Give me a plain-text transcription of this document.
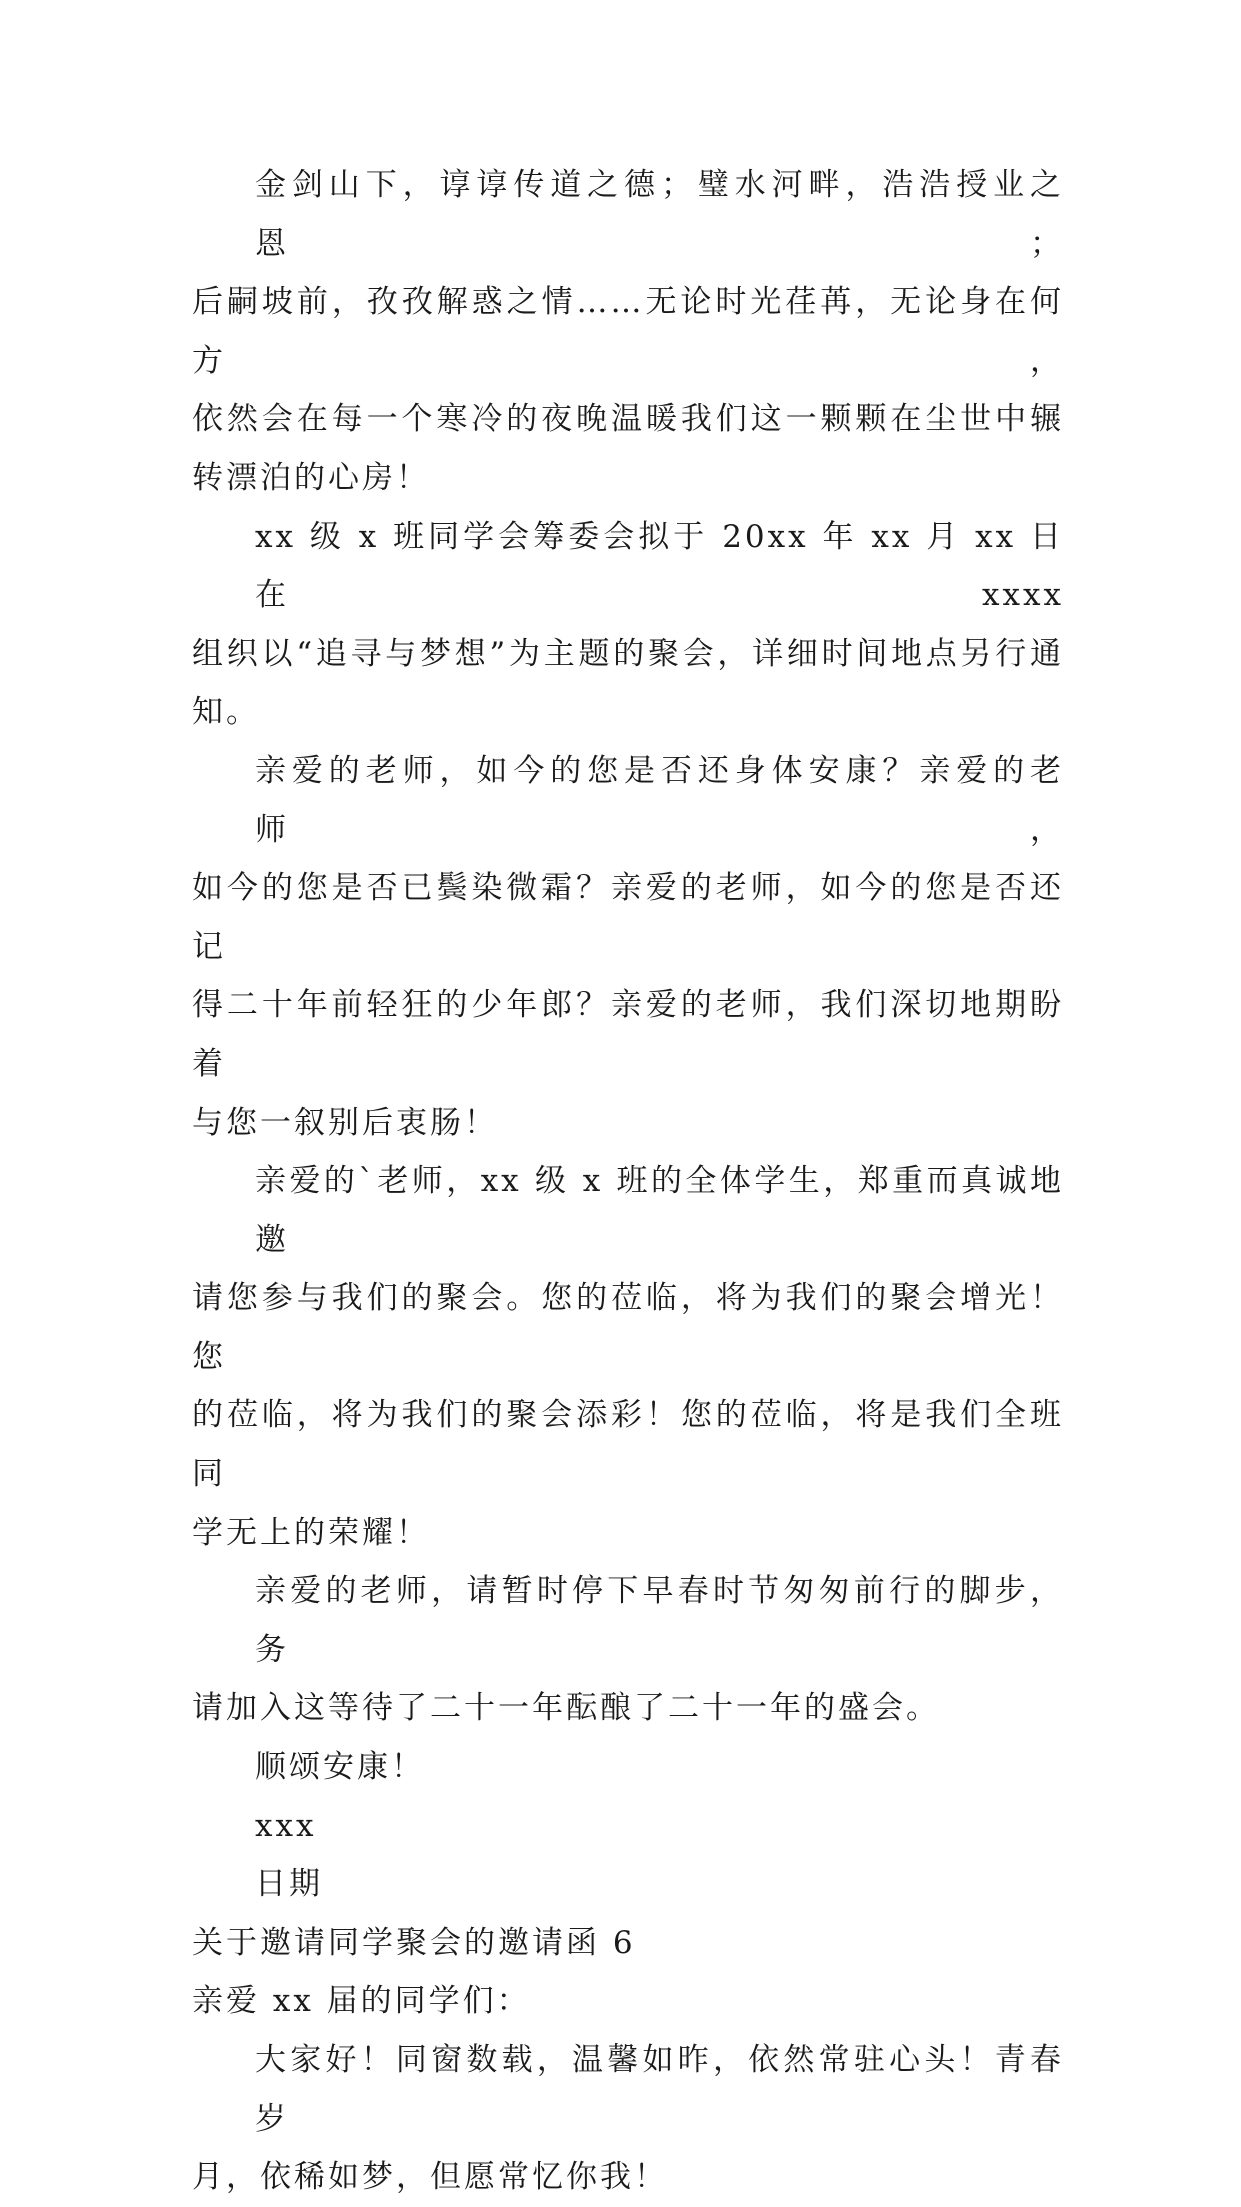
金剑山下，谆谆传道之德；璧水河畔，浩浩授业之恩；
后嗣坡前，孜孜解惑之情……无论时光荏苒，无论身在何方，
依然会在每一个寒冷的夜晚温暖我们这一颗颗在尘世中辗
转漂泊的心房！
xx 级 x 班同学会筹委会拟于 20xx 年 xx 月 xx 日在 xxxx
组织以“追寻与梦想”为主题的聚会，详细时间地点另行通
知。
亲爱的老师，如今的您是否还身体安康？亲爱的老师，
如今的您是否已鬓染微霜？亲爱的老师，如今的您是否还记
得二十年前轻狂的少年郎？亲爱的老师，我们深切地期盼着
与您一叙别后衷肠！
亲爱的`老师，xx 级 x 班的全体学生，郑重而真诚地邀
请您参与我们的聚会。您的莅临，将为我们的聚会增光！您
的莅临，将为我们的聚会添彩！您的莅临，将是我们全班同
学无上的荣耀！
亲爱的老师，请暂时停下早春时节匆匆前行的脚步，务
请加入这等待了二十一年酝酿了二十一年的盛会。
顺颂安康！
xxx
日期
关于邀请同学聚会的邀请函 6
亲爱 xx 届的同学们：
大家好！同窗数载，温馨如昨，依然常驻心头！青春岁
月，依稀如梦，但愿常忆你我！
